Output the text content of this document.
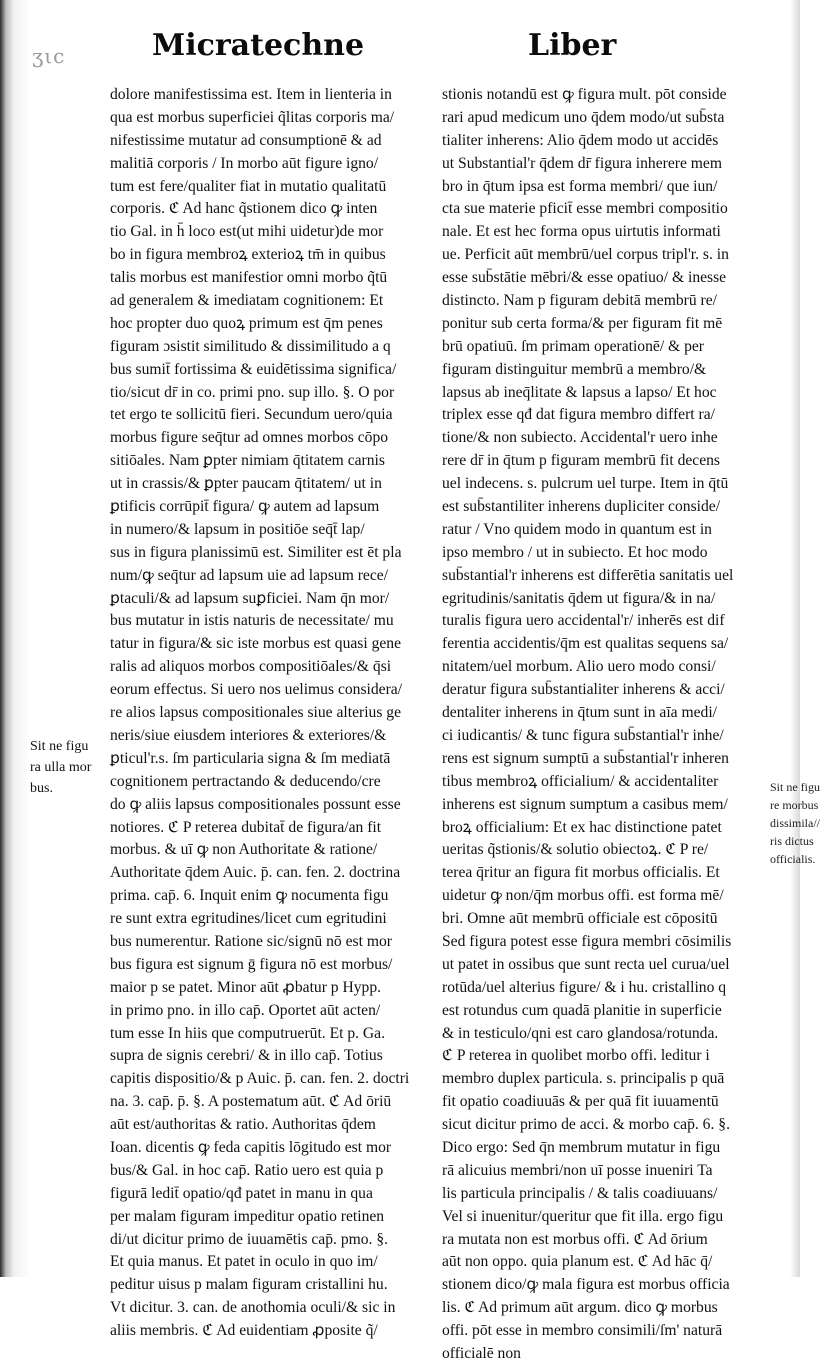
ʒιc	Micratechne	Liber
Sit ne figu
ra ulla mor
bus.	Sit ne figu
re morbus
dissimila//
ris dictus
officialis.
dolore manifestissima est. Item in lienteria in
qua est morbus superficiei q̃litas corporis ma/
nifestissime mutatur ad consumptionē & ad
malitiā corporis / In morbo aūt figure igno/
tum est fere/qualiter fiat in mutatio qualitatū
corporis. ℭ Ad hanc q̃stionem dico ꝙ inten
tio Gal. in h̄ loco est(ut mihi uidetur)de mor
bo in figura membroꝝ exterioꝝ tm̄ in quibus
talis morbus est manifestior omni morbo q̃tū
ad generalem & imediatam cognitionem: Et
hoc propter duo quoꝝ primum est q̄m penes
figuram ɔsistit similitudo & dissimilitudo a q
bus sumit̄ fortissima & euidētissima significa/
tio/sicut dr̄ in co. primi pno. sup illo. §. O por
tet ergo te sollicitū fieri. Secundum uero/quia
morbus figure seq̄tur ad omnes morbos cōpo
sitiōales. Nam ꝑpter nimiam q̄titatem carnis
ut in crassis/& ꝑpter paucam q̄titatem/ ut in
ꝑtificis corrūpit̄ figura/ ꝙ autem ad lapsum
in numero/& lapsum in positiōe seq̄t̄ lap/
sus in figura planissimū est. Similiter est ēt pla
num/ꝙ seq̄tur ad lapsum uie ad lapsum rece/
ꝑtaculi/& ad lapsum suꝑficiei. Nam q̄n mor/
bus mutatur in istis naturis de necessitate/ mu
tatur in figura/& sic iste morbus est quasi gene
ralis ad aliquos morbos compositiōales/& q̄si
eorum effectus. Si uero nos uelimus considera/
re alios lapsus compositionales siue alterius ge
neris/siue eiusdem interiores & exteriores/&
ꝑticul'r.s. ſm particularia signa & ſm mediatā
cognitionem pertractando & deducendo/cre
do ꝙ aliis lapsus compositionales possunt esse
notiores. ℭ P reterea dubitat̄ de figura/an fit
morbus. & uī ꝙ non Authoritate & ratione/
Authoritate q̄dem Auic. p̄. can. fen. 2. doctrina
prima. cap̄. 6. Inquit enim ꝙ nocumenta figu
re sunt extra egritudines/licet cum egritudini
bus numerentur. Ratione sic/signū nō est mor
bus figura est signum ḡ figura nō est morbus/
maior p se patet. Minor aūt ꝓbatur p Hypp.
in primo pno. in illo cap̄. Oportet aūt acten/
tum esse In hiis que computruerūt. Et p. Ga.
supra de signis cerebri/ & in illo cap̄. Totius
capitis dispositio/& p Auic. p̄. can. fen. 2. doctri
na. 3. cap̄. p̄. §. A postematum aūt. ℭ Ad ōriū
aūt est/authoritas & ratio. Authoritas q̄dem
Ioan. dicentis ꝙ feda capitis lōgitudo est mor
bus/& Gal. in hoc cap̄. Ratio uero est quia p
figurā ledit̄ opatio/qđ patet in manu in qua
per malam figuram impeditur opatio retinen
di/ut dicitur primo de iuuamētis cap̄. pmo. §.
Et quia manus. Et patet in oculo in quo im/
peditur uisus p malam figuram cristallini hu.
Vt dicitur. 3. can. de anothomia oculi/& sic in
aliis membris. ℭ Ad euidentiam ꝓposite q̃/
stionis notandū est ꝙ figura mult. pōt conside
rari apud medicum uno q̄dem modo/ut sub̄sta
tialiter inherens: Alio q̄dem modo ut accidēs
ut Substantial'r q̄dem dr̄ figura inherere mem
bro in q̄tum ipsa est forma membri/ que iun/
cta sue materie pficit̄ esse membri compositio
nale. Et est hec forma opus uirtutis informati
ue. Perficit aūt membrū/uel corpus tripl'r. s. in
esse sub̄stātie mēbri/& esse opatiuo/ & inesse
distincto. Nam p figuram debitā membrū re/
ponitur sub certa forma/& per figuram fit mē
brū opatiuū. ſm primam operationē/ & per
figuram distinguitur membrū a membro/&
lapsus ab ineq̄litate & lapsus a lapso/ Et hoc
triplex esse qđ dat figura membro differt ra/
tione/& non subiecto. Accidental'r uero inhe
rere dr̄ in q̄tum p figuram membrū fit decens
uel indecens. s. pulcrum uel turpe. Item in q̄tū
est sub̄stantiliter inherens dupliciter conside/
ratur / Vno quidem modo in quantum est in
ipso membro / ut in subiecto. Et hoc modo
sub̄stantial'r inherens est differētia sanitatis uel
egritudinis/sanitatis q̄dem ut figura/& in na/
turalis figura uero accidental'r/ inherēs est dif
ferentia accidentis/q̄m est qualitas sequens sa/
nitatem/uel morbum. Alio uero modo consi/
deratur figura sub̄stantialiter inherens & acci/
dentaliter inherens in q̄tum sunt in aīa medi/
ci iudicantis/ & tunc figura sub̄stantial'r inhe/
rens est signum sumptū a sub̄stantial'r inheren
tibus membroꝝ officialium/ & accidentaliter
inherens est signum sumptum a casibus mem/
broꝝ officialium: Et ex hac distinctione patet
ueritas q̃stionis/& solutio obiectoꝝ. ℭ P re/
terea q̄ritur an figura fit morbus officialis. Et
uidetur ꝙ non/q̄m morbus offi. est forma mē/
bri. Omne aūt membrū officiale est cōpositū
Sed figura potest esse figura membri cōsimilis
ut patet in ossibus que sunt recta uel curua/uel
rotūda/uel alterius figure/ & i hu. cristallino q
est rotundus cum quadā planitie in superficie
& in testiculo/qni est caro glandosa/rotunda.
ℭ P reterea in quolibet morbo offi. leditur i
membro duplex particula. s. principalis p quā
fit opatio coadiuuās & per quā fit iuuamentū
sicut dicitur primo de acci. & morbo cap̄. 6. §.
Dico ergo: Sed q̄n membrum mutatur in figu
rā alicuius membri/non uī posse inueniri Ta
lis particula principalis / & talis coadiuuans/
Vel si inuenitur/queritur que fit illa. ergo figu
ra mutata non est morbus offi. ℭ Ad ōrium
aūt non oppo. quia planum est. ℭ Ad hāc q̄/
stionem dico/ꝙ mala figura est morbus officia
lis. ℭ Ad primum aūt argum. dico ꝙ morbus
offi. pōt esse in membro consimili/ſm' naturā
officialē non
